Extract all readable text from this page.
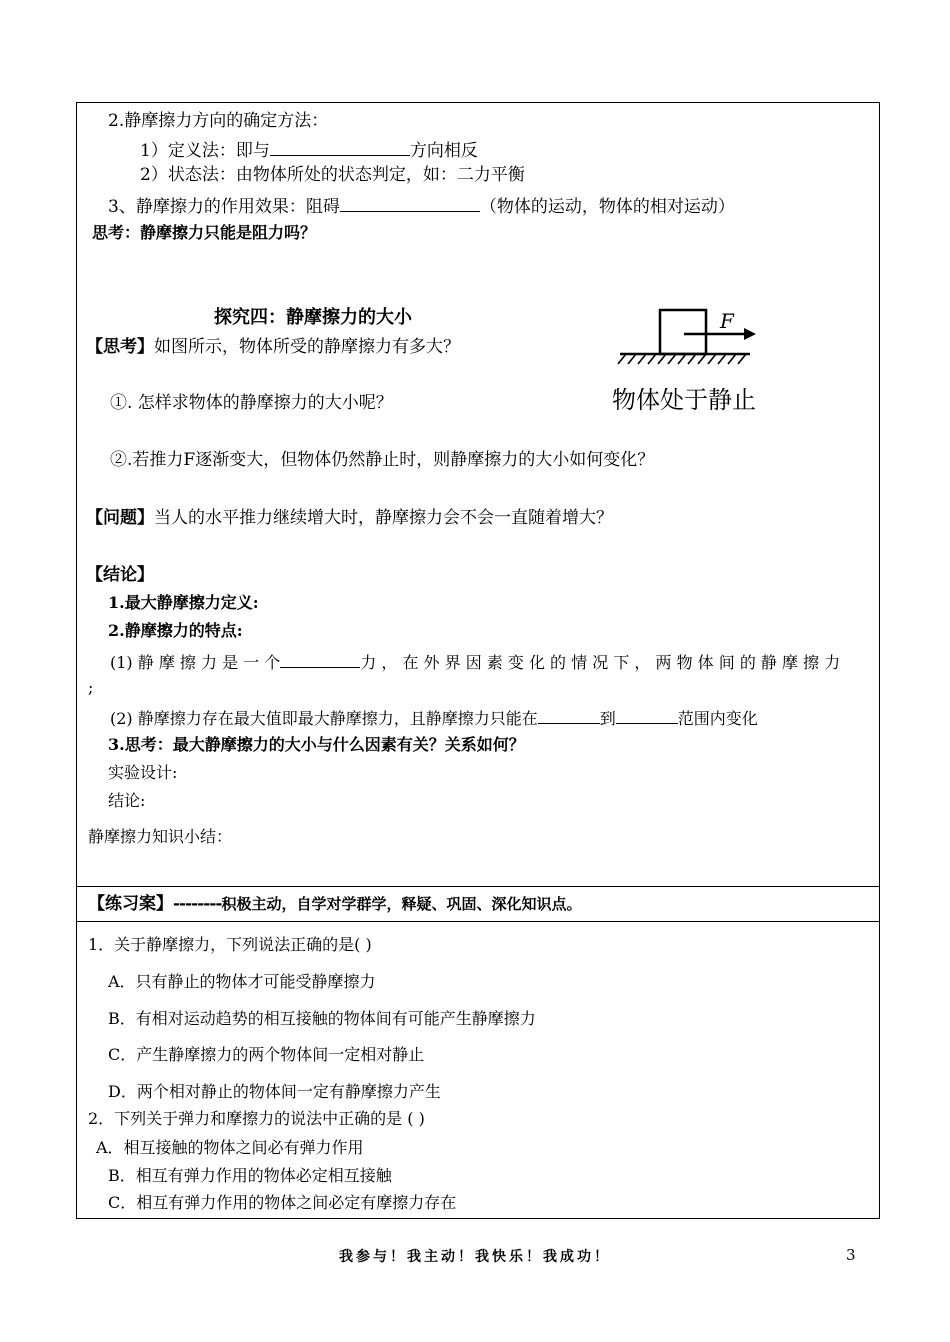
2.静摩擦力方向的确定方法：
1）定义法：即与	方向相反
2）状态法：由物体所处的状态判定，如：二力平衡
3、静摩擦力的作用效果：阻碍	（物体的运动，物体的相对运动）
思考：静摩擦力只能是阻力吗？
探究四：静摩擦力的大小
【思考】如图所示，物体所受的静摩擦力有多大？
①. 怎样求物体的静摩擦力的大小呢？
②.若推力F逐渐变大，但物体仍然静止时，则静摩擦力的大小如何变化？
【问题】当人的水平推力继续增大时，静摩擦力会不会一直随着增大？
F
物体处于静止
【结论】
1.最大静摩擦力定义:
2.静摩擦力的特点:
(1) 静 摩 擦 力 是 一 个	力 ， 在 外 界 因 素 变 化 的 情 况 下 ， 两 物 体 间 的 静 摩 擦 力
;
(2) 静摩擦力存在最大值即最大静摩擦力，且静摩擦力只能在	到	范围内变化
3.思考：最大静摩擦力的大小与什么因素有关？关系如何？
实验设计:
结论:
静摩擦力知识小结：
【练习案】--------积极主动，自学对学群学，释疑、巩固、深化知识点。
1．关于静摩擦力，下列说法正确的是( )
A．只有静止的物体才可能受静摩擦力
B．有相对运动趋势的相互接触的物体间有可能产生静摩擦力
C．产生静摩擦力的两个物体间一定相对静止
D．两个相对静止的物体间一定有静摩擦力产生
2．下列关于弹力和摩擦力的说法中正确的是 ( )
A．相互接触的物体之间必有弹力作用
B．相互有弹力作用的物体必定相互接触
C．相互有弹力作用的物体之间必定有摩擦力存在
我参与！我主动！我快乐！我成功！	3
